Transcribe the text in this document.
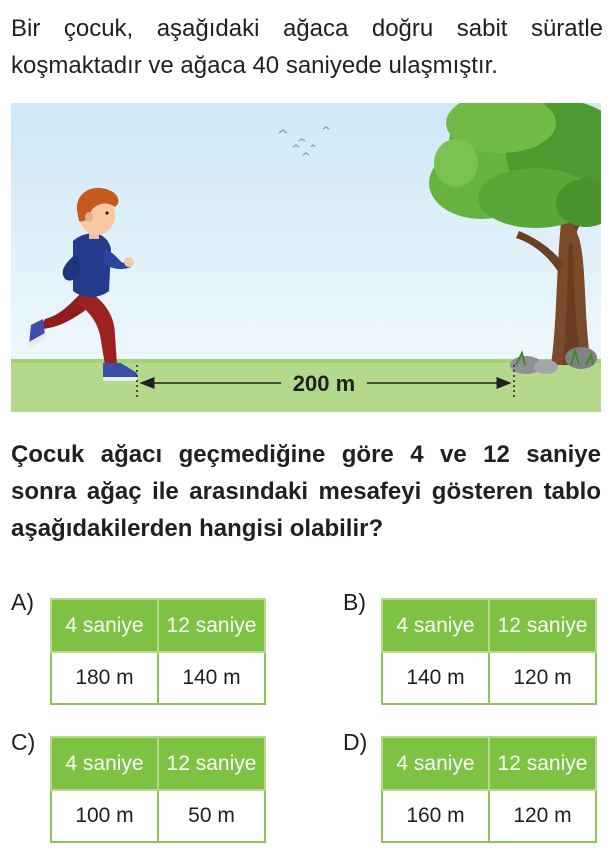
Bir çocuk, aşağıdaki ağaca doğru sabit süratle koşmaktadır ve ağaca 40 saniyede ulaşmıştır.

200 m

Çocuk ağacı geçmediğine göre 4 ve 12 saniye sonra ağaç ile arasındaki mesafeyi gösteren tablo aşağıdakilerden hangisi olabilir?

A)
4 saniye	12 saniye
180 m	140 m
B)
4 saniye	12 saniye
140 m	120 m
C)
4 saniye	12 saniye
100 m	50 m
D)
4 saniye	12 saniye
160 m	120 m
